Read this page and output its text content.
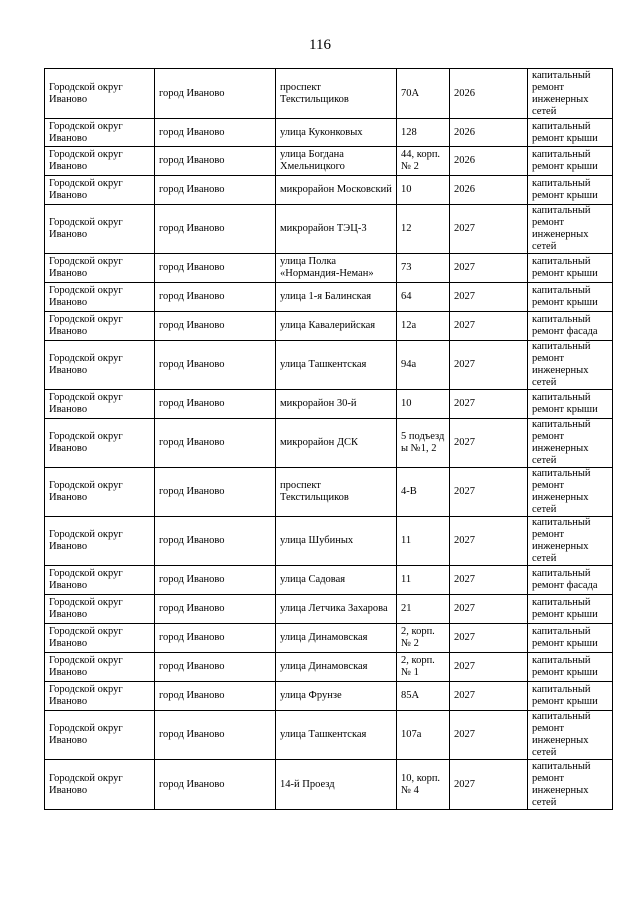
116
Городской округ Иваново	город Иваново	проспект Текстильщиков	70А	2026	капитальный ремонт инженерных сетей
Городской округ Иваново	город Иваново	улица Куконковых	128	2026	капитальный ремонт крыши
Городской округ Иваново	город Иваново	улица Богдана Хмельницкого	44, корп. № 2	2026	капитальный ремонт крыши
Городской округ Иваново	город Иваново	микрорайон Московский	10	2026	капитальный ремонт крыши
Городской округ Иваново	город Иваново	микрорайон ТЭЦ-3	12	2027	капитальный ремонт инженерных сетей
Городской округ Иваново	город Иваново	улица Полка «Нормандия-Неман»	73	2027	капитальный ремонт крыши
Городской округ Иваново	город Иваново	улица 1-я Балинская	64	2027	капитальный ремонт крыши
Городской округ Иваново	город Иваново	улица Кавалерийская	12а	2027	капитальный ремонт фасада
Городской округ Иваново	город Иваново	улица Ташкентская	94а	2027	капитальный ремонт инженерных сетей
Городской округ Иваново	город Иваново	микрорайон 30-й	10	2027	капитальный ремонт крыши
Городской округ Иваново	город Иваново	микрорайон ДСК	5 подъезд ы №1, 2	2027	капитальный ремонт инженерных сетей
Городской округ Иваново	город Иваново	проспект Текстильщиков	4-В	2027	капитальный ремонт инженерных сетей
Городской округ Иваново	город Иваново	улица Шубиных	11	2027	капитальный ремонт инженерных сетей
Городской округ Иваново	город Иваново	улица Садовая	11	2027	капитальный ремонт фасада
Городской округ Иваново	город Иваново	улица Летчика Захарова	21	2027	капитальный ремонт крыши
Городской округ Иваново	город Иваново	улица Динамовская	2, корп. № 2	2027	капитальный ремонт крыши
Городской округ Иваново	город Иваново	улица Динамовская	2, корп. № 1	2027	капитальный ремонт крыши
Городской округ Иваново	город Иваново	улица Фрунзе	85А	2027	капитальный ремонт крыши
Городской округ Иваново	город Иваново	улица Ташкентская	107а	2027	капитальный ремонт инженерных сетей
Городской округ Иваново	город Иваново	14-й Проезд	10, корп. № 4	2027	капитальный ремонт инженерных сетей
